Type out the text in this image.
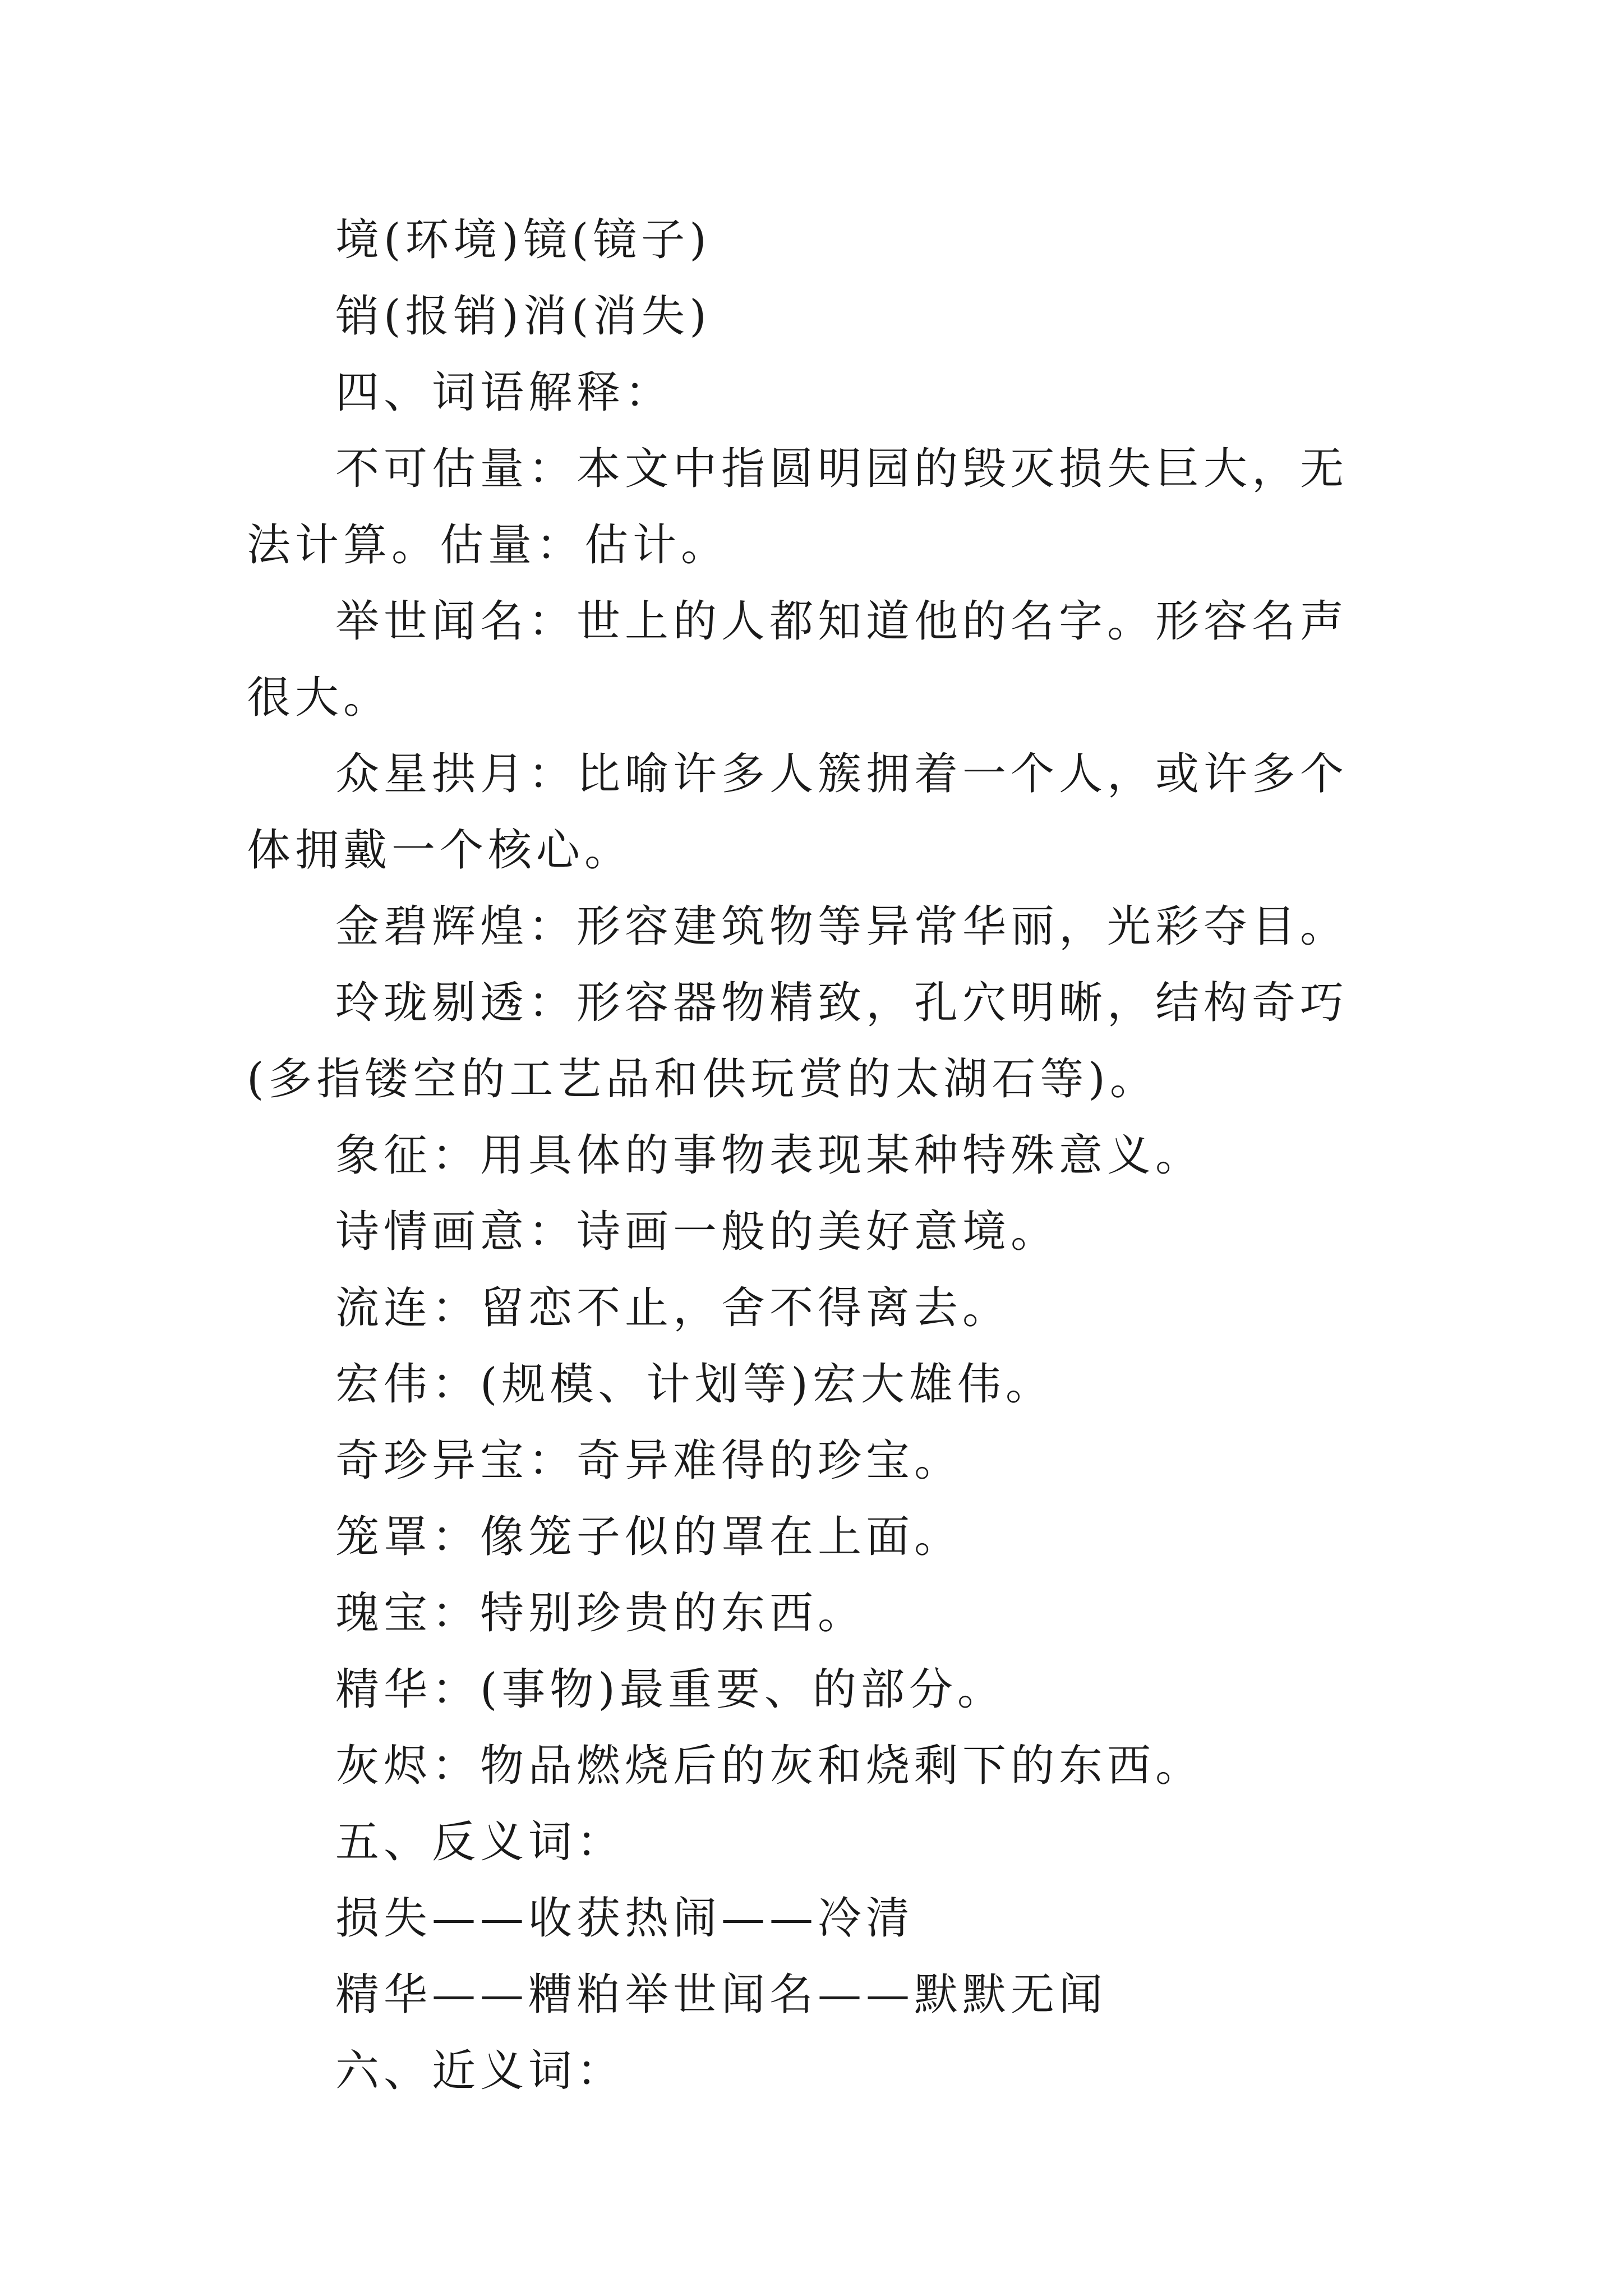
境(环境)镜(镜子)

销(报销)消(消失)

四、词语解释：

不可估量：本文中指圆明园的毁灭损失巨大，无法计算。估量：估计。

举世闻名：世上的人都知道他的名字。形容名声很大。

众星拱月：比喻许多人簇拥着一个人，或许多个体拥戴一个核心。

金碧辉煌：形容建筑物等异常华丽，光彩夺目。

玲珑剔透：形容器物精致，孔穴明晰，结构奇巧(多指镂空的工艺品和供玩赏的太湖石等)。

象征：用具体的事物表现某种特殊意义。

诗情画意：诗画一般的美好意境。

流连：留恋不止，舍不得离去。

宏伟：(规模、计划等)宏大雄伟。

奇珍异宝：奇异难得的珍宝。

笼罩：像笼子似的罩在上面。

瑰宝：特别珍贵的东西。

精华：(事物)最重要、的部分。

灰烬：物品燃烧后的灰和烧剩下的东西。

五、反义词：

损失——收获热闹——冷清

精华——糟粕举世闻名——默默无闻

六、近义词：
